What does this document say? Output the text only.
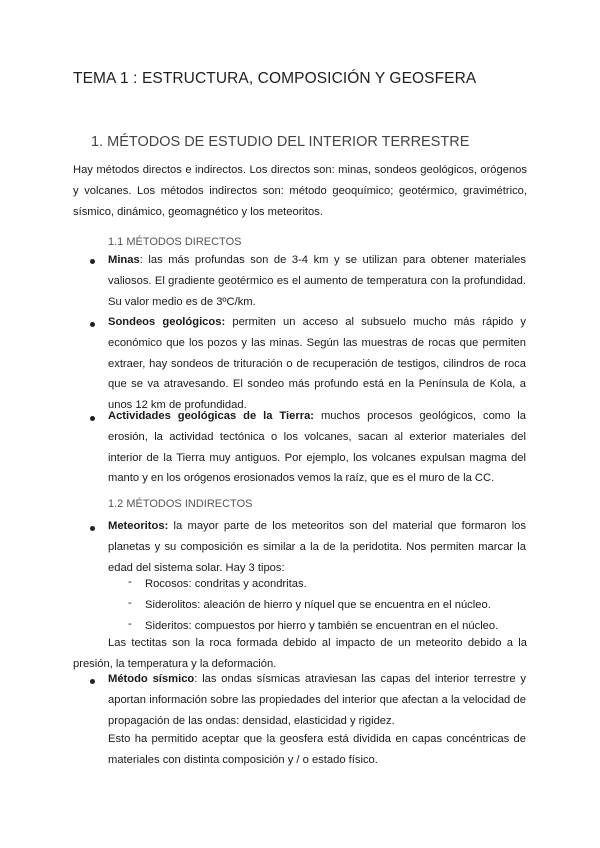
TEMA 1 : ESTRUCTURA, COMPOSICIÓN Y GEOSFERA
1. MÉTODOS DE ESTUDIO DEL INTERIOR TERRESTRE
Hay métodos directos e indirectos. Los directos son: minas, sondeos geológicos, orógenos y volcanes. Los métodos indirectos son: método geoquímico; geotérmico, gravimétrico, sísmico, dinámico, geomagnético y los meteoritos.
1.1 MÉTODOS DIRECTOS
Minas: las más profundas son de 3-4 km y se utilizan para obtener materiales valiosos. El gradiente geotérmico es el aumento de temperatura con la profundidad. Su valor medio es de 3ºC/km.
Sondeos geológicos: permiten un acceso al subsuelo mucho más rápido y económico que los pozos y las minas. Según las muestras de rocas que permiten extraer, hay sondeos de trituración o de recuperación de testigos, cilindros de roca que se va atravesando. El sondeo más profundo está en la Península de Kola, a unos 12 km de profundidad.
Actividades geológicas de la Tierra: muchos procesos geológicos, como la erosión, la actividad tectónica o los volcanes, sacan al exterior materiales del interior de la Tierra muy antiguos. Por ejemplo, los volcanes expulsan magma del manto y en los orógenos erosionados vemos la raíz, que es el muro de la CC.
1.2 MÉTODOS INDIRECTOS
Meteoritos: la mayor parte de los meteoritos son del material que formaron los planetas y su composición es similar a la de la peridotita. Nos permiten marcar la edad del sistema solar. Hay 3 tipos:
- Rocosos: condritas y acondritas.
- Siderolitos: aleación de hierro y níquel que se encuentra en el núcleo.
- Sideritos: compuestos por hierro y también se encuentran en el núcleo.
Las tectitas son la roca formada debido al impacto de un meteorito debido a la presión, la temperatura y la deformación.
Método sísmico: las ondas sísmicas atraviesan las capas del interior terrestre y aportan información sobre las propiedades del interior que afectan a la velocidad de propagación de las ondas: densidad, elasticidad y rigidez.
Esto ha permitido aceptar que la geosfera está dividida en capas concéntricas de materiales con distinta composición y / o estado físico.
